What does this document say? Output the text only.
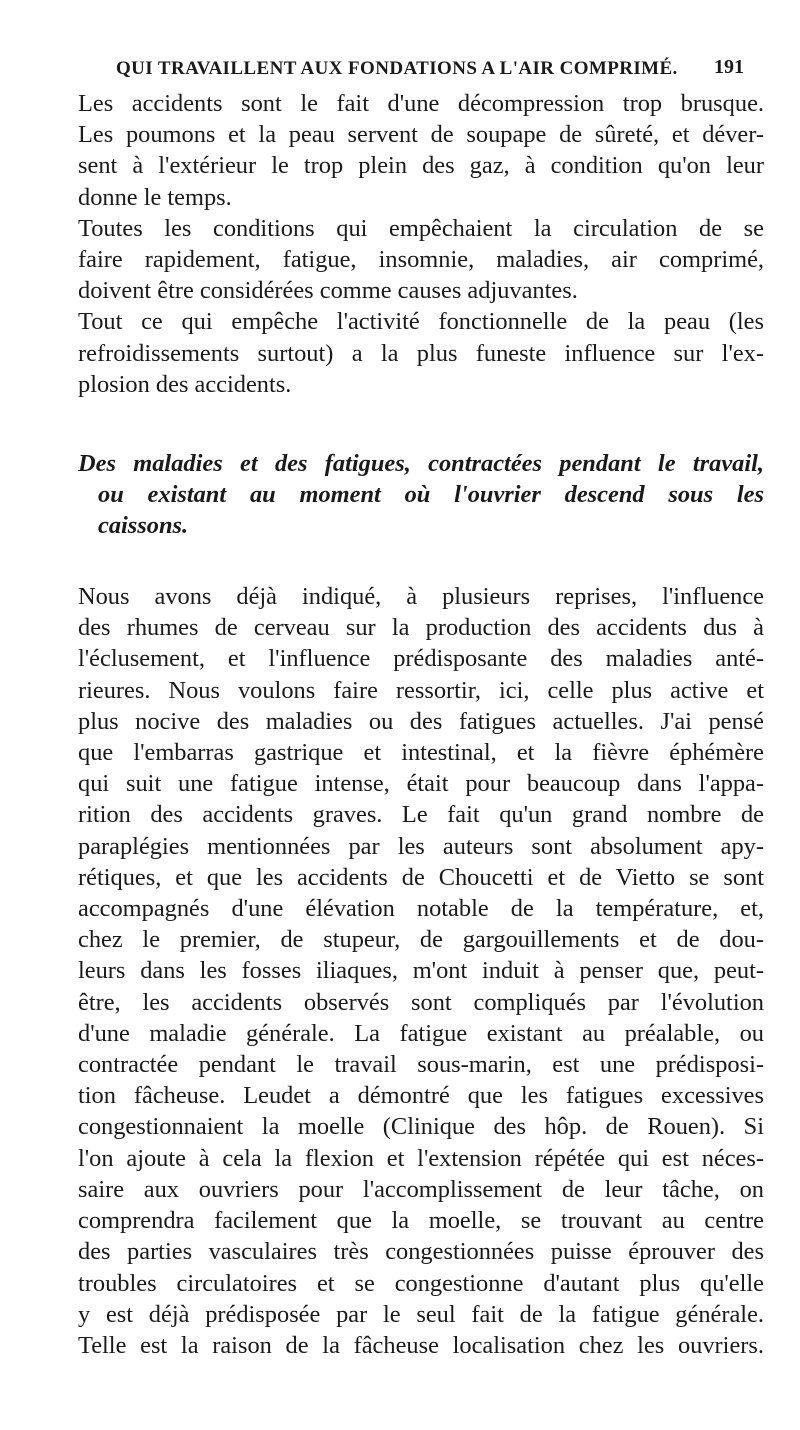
QUI TRAVAILLENT AUX FONDATIONS A L'AIR COMPRIMÉ. 191

Les accidents sont le fait d'une décompression trop brusque.
Les poumons et la peau servent de soupape de sûreté, et déver-
sent à l'extérieur le trop plein des gaz, à condition qu'on leur
donne le temps.

Toutes les conditions qui empêchaient la circulation de se
faire rapidement, fatigue, insomnie, maladies, air comprimé,
doivent être considérées comme causes adjuvantes.

Tout ce qui empêche l'activité fonctionnelle de la peau (les
refroidissements surtout) a la plus funeste influence sur l'ex-
plosion des accidents.

Des maladies et des fatigues, contractées pendant le travail,
ou existant au moment où l'ouvrier descend sous les
caissons.

Nous avons déjà indiqué, à plusieurs reprises, l'influence
des rhumes de cerveau sur la production des accidents dus à
l'éclusement, et l'influence prédisposante des maladies anté-
rieures. Nous voulons faire ressortir, ici, celle plus active et
plus nocive des maladies ou des fatigues actuelles. J'ai pensé
que l'embarras gastrique et intestinal, et la fièvre éphémère
qui suit une fatigue intense, était pour beaucoup dans l'appa-
rition des accidents graves. Le fait qu'un grand nombre de
paraplégies mentionnées par les auteurs sont absolument apy-
rétiques, et que les accidents de Choucetti et de Vietto se sont
accompagnés d'une élévation notable de la température, et,
chez le premier, de stupeur, de gargouillements et de dou-
leurs dans les fosses iliaques, m'ont induit à penser que, peut-
être, les accidents observés sont compliqués par l'évolution
d'une maladie générale. La fatigue existant au préalable, ou
contractée pendant le travail sous-marin, est une prédisposi-
tion fâcheuse. Leudet a démontré que les fatigues excessives
congestionnaient la moelle (Clinique des hôp. de Rouen). Si
l'on ajoute à cela la flexion et l'extension répétée qui est néces-
saire aux ouvriers pour l'accomplissement de leur tâche, on
comprendra facilement que la moelle, se trouvant au centre
des parties vasculaires très congestionnées puisse éprouver des
troubles circulatoires et se congestionne d'autant plus qu'elle
y est déjà prédisposée par le seul fait de la fatigue générale.
Telle est la raison de la fâcheuse localisation chez les ouvriers.
